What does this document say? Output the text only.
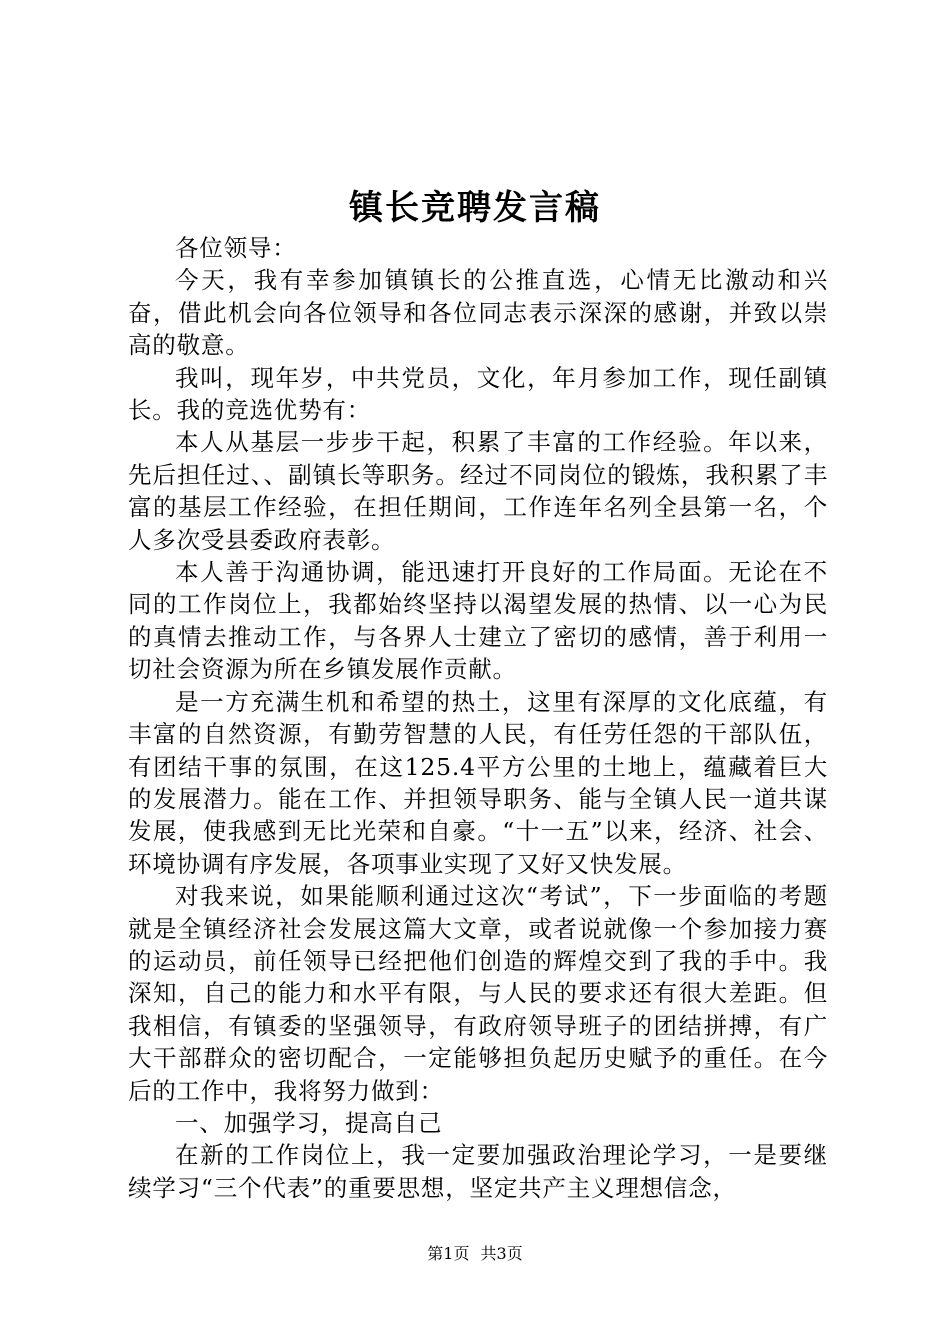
镇长竞聘发言稿

各位领导：

今天，我有幸参加镇镇长的公推直选，心情无比激动和兴奋，借此机会向各位领导和各位同志表示深深的感谢，并致以崇高的敬意。

我叫，现年岁，中共党员，文化，年月参加工作，现任副镇长。我的竞选优势有：

本人从基层一步步干起，积累了丰富的工作经验。年以来，先后担任过、、副镇长等职务。经过不同岗位的锻炼，我积累了丰富的基层工作经验，在担任期间，工作连年名列全县第一名，个人多次受县委政府表彰。

本人善于沟通协调，能迅速打开良好的工作局面。无论在不同的工作岗位上，我都始终坚持以渴望发展的热情、以一心为民的真情去推动工作，与各界人士建立了密切的感情，善于利用一切社会资源为所在乡镇发展作贡献。

是一方充满生机和希望的热土，这里有深厚的文化底蕴，有丰富的自然资源，有勤劳智慧的人民，有任劳任怨的干部队伍，有团结干事的氛围，在这125.4平方公里的土地上，蕴藏着巨大的发展潜力。能在工作、并担领导职务、能与全镇人民一道共谋发展，使我感到无比光荣和自豪。“十一五”以来，经济、社会、环境协调有序发展，各项事业实现了又好又快发展。

对我来说，如果能顺利通过这次“考试”，下一步面临的考题就是全镇经济社会发展这篇大文章，或者说就像一个参加接力赛的运动员，前任领导已经把他们创造的辉煌交到了我的手中。我深知，自己的能力和水平有限，与人民的要求还有很大差距。但我相信，有镇委的坚强领导，有政府领导班子的团结拼搏，有广大干部群众的密切配合，一定能够担负起历史赋予的重任。在今后的工作中，我将努力做到：

一、加强学习，提高自己

在新的工作岗位上，我一定要加强政治理论学习，一是要继续学习“三个代表”的重要思想，坚定共产主义理想信念，

第1页 共3页
